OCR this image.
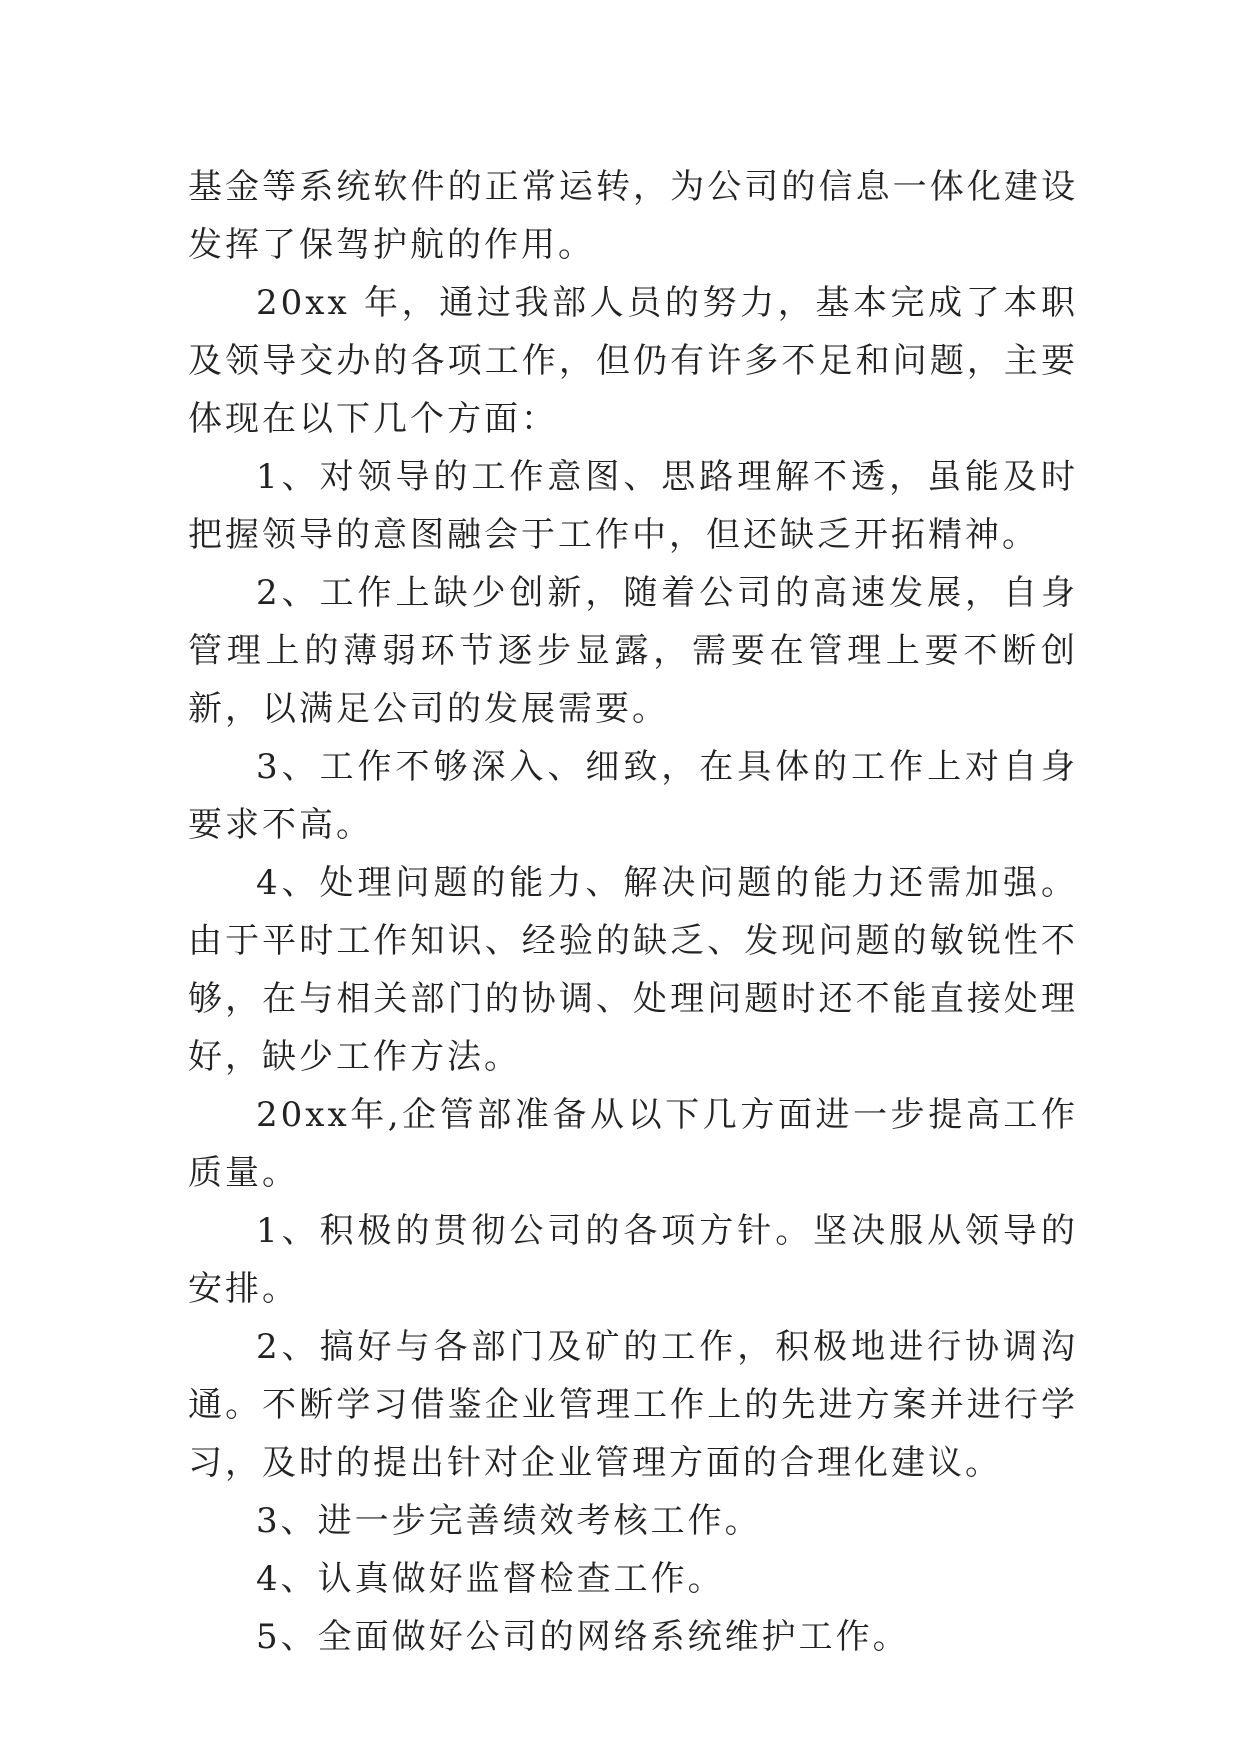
基金等系统软件的正常运转，为公司的信息一体化建设发挥了保驾护航的作用。

20xx 年，通过我部人员的努力，基本完成了本职及领导交办的各项工作，但仍有许多不足和问题，主要体现在以下几个方面：

1、对领导的工作意图、思路理解不透，虽能及时把握领导的意图融会于工作中，但还缺乏开拓精神。

2、工作上缺少创新，随着公司的高速发展，自身管理上的薄弱环节逐步显露，需要在管理上要不断创新，以满足公司的发展需要。

3、工作不够深入、细致，在具体的工作上对自身要求不高。

4、处理问题的能力、解决问题的能力还需加强。由于平时工作知识、经验的缺乏、发现问题的敏锐性不够，在与相关部门的协调、处理问题时还不能直接处理好，缺少工作方法。

20xx年,企管部准备从以下几方面进一步提高工作质量。

1、积极的贯彻公司的各项方针。坚决服从领导的安排。

2、搞好与各部门及矿的工作，积极地进行协调沟通。不断学习借鉴企业管理工作上的先进方案并进行学习，及时的提出针对企业管理方面的合理化建议。

3、进一步完善绩效考核工作。

4、认真做好监督检查工作。

5、全面做好公司的网络系统维护工作。
